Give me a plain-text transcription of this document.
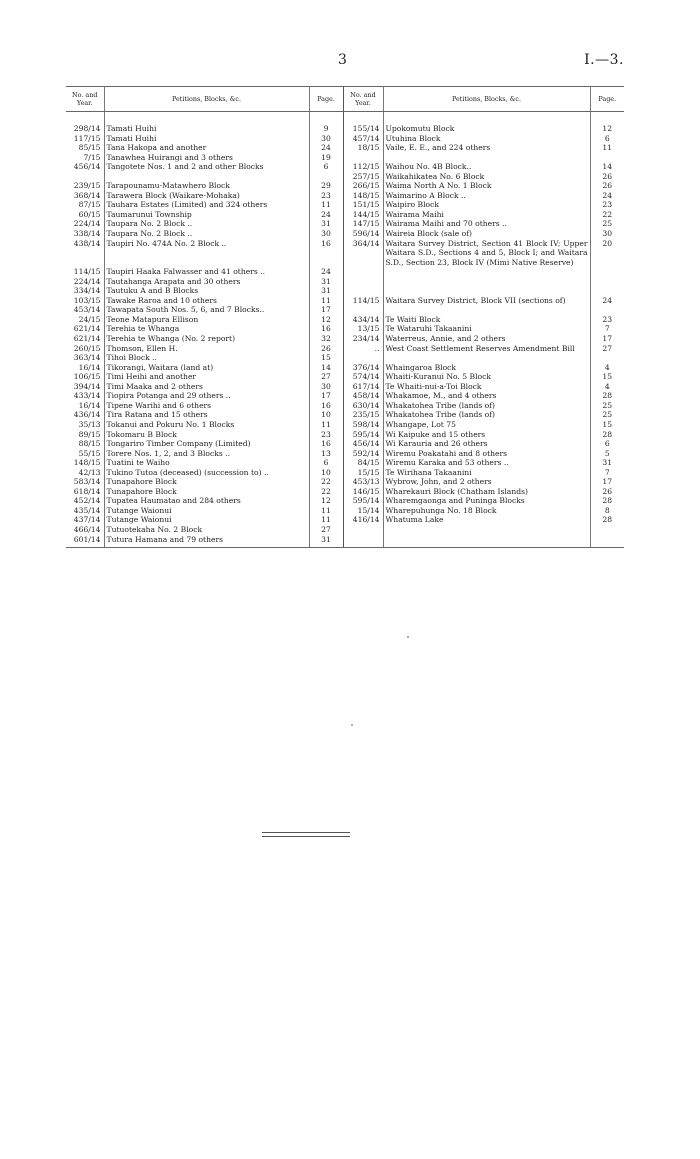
3	I.—3.
No. and Year.	Petitions, Blocks, &c.	Page.	No. and Year.	Petitions, Blocks, &c.	Page.

298/14	Tamati Huihi	9	155/14	Upokomutu Block	12
117/15	Tamati Huihi	30	457/14	Utuhina Block	6
85/15	Tana Hakopa and another	24	18/15	Vaile, E. E., and 224 others	11
7/15	Tanawhea Huirangi and 3 others	19			
456/14	Tangotete Nos. 1 and 2 and other Blocks	6	112/15	Waihou No. 4B Block..	14
			257/15	Waikahikatea No. 6 Block	26
239/15	Tarapounamu-Matawhero Block	29	266/15	Waima North A No. 1 Block	26
368/14	Tarawera Block (Waikare-Mohaka)	23	148/15	Waimarino A Block ..	24
87/15	Tauhara Estates (Limited) and 324 others	11	151/15	Waipiro Block	23
60/15	Taumarunui Township	24	144/15	Wairama Maihi	22
224/14	Taupara No. 2 Block ..	31	147/15	Wairama Maihi and 70 others ..	25
338/14	Taupara No. 2 Block ..	30	596/14	Waireia Block (sale of)	30
438/14	Taupiri No. 474A No. 2 Block ..	16	364/14	Waitara Survey District, Section 41 Block IV; Upper Waitara S.D., Sections 4 and 5, Block I; and Waitara S.D., Section 23, Block IV (Mimi Native Reserve)	20
114/15	Taupiri Haaka Falwasser and 41 others ..	24			
224/14	Tautahanga Arapata and 30 others	31			
334/14	Tautuku A and B Blocks	31			
103/15	Tawake Raroa and 10 others	11	114/15	Waitara Survey District, Block VII (sections of)	24
453/14	Tawapata South Nos. 5, 6, and 7 Blocks..	17			
24/15	Teone Matapura Ellison	12	434/14	Te Waiti Block	23
621/14	Terehia te Whanga	16	13/15	Te Wataruhi Takaanini	7
621/14	Terehia te Whanga (No. 2 report)	32	234/14	Waterreus, Annie, and 2 others	17
260/15	Thomson, Ellen H.	26	..	West Coast Settlement Reserves Amendment Bill	27
363/14	Tihoi Block ..	15			
16/14	Tikorangi, Waitara (land at)	14	376/14	Whaingaroa Block	4
106/15	Timi Heihi and another	27	574/14	Whaiti-Kuranui No. 5 Block	15
394/14	Timi Maaka and 2 others	30	617/14	Te Whaiti-nui-a-Toi Block	4
433/14	Tiopira Potanga and 29 others ..	17	458/14	Whakamoe, M., and 4 others	28
16/14	Tipene Warihi and 6 others	16	630/14	Whakatohea Tribe (lands of)	25
436/14	Tira Ratana and 15 others	10	235/15	Whakatohea Tribe (lands of)	25
35/13	Tokanui and Pokuru No. 1 Blocks	11	598/14	Whangape, Lot 75	15
89/15	Tokomaru B Block	23	595/14	Wi Kaipuke and 15 others	28
88/15	Tongariro Timber Company (Limited)	16	456/14	Wi Karauria and 26 others	6
55/15	Torere Nos. 1, 2, and 3 Blocks ..	13	592/14	Wiremu Poakatahi and 8 others	5
148/15	Tuatini te Waiho	6	84/15	Wiremu Karaka and 53 others ..	31
42/13	Tukino Tutoa (deceased) (succession to) ..	10	15/15	Te Wirihana Takaanini	7
583/14	Tunapahore Block	22	453/13	Wybrow, John, and 2 others	17
618/14	Tunapahore Block	22	146/15	Wharekauri Block (Chatham Islands)	26
452/14	Tupatea Haumatao and 284 others	12	595/14	Wharemgaonga and Puninga Blocks	28
435/14	Tutange Waionui	11	15/14	Wharepuhunga No. 18 Block	8
437/14	Tutange Waionui	11	416/14	Whatuma Lake	28
466/14	Tutuotekaha No. 2 Block	27			
601/14	Tutura Hamana and 79 others	31			
